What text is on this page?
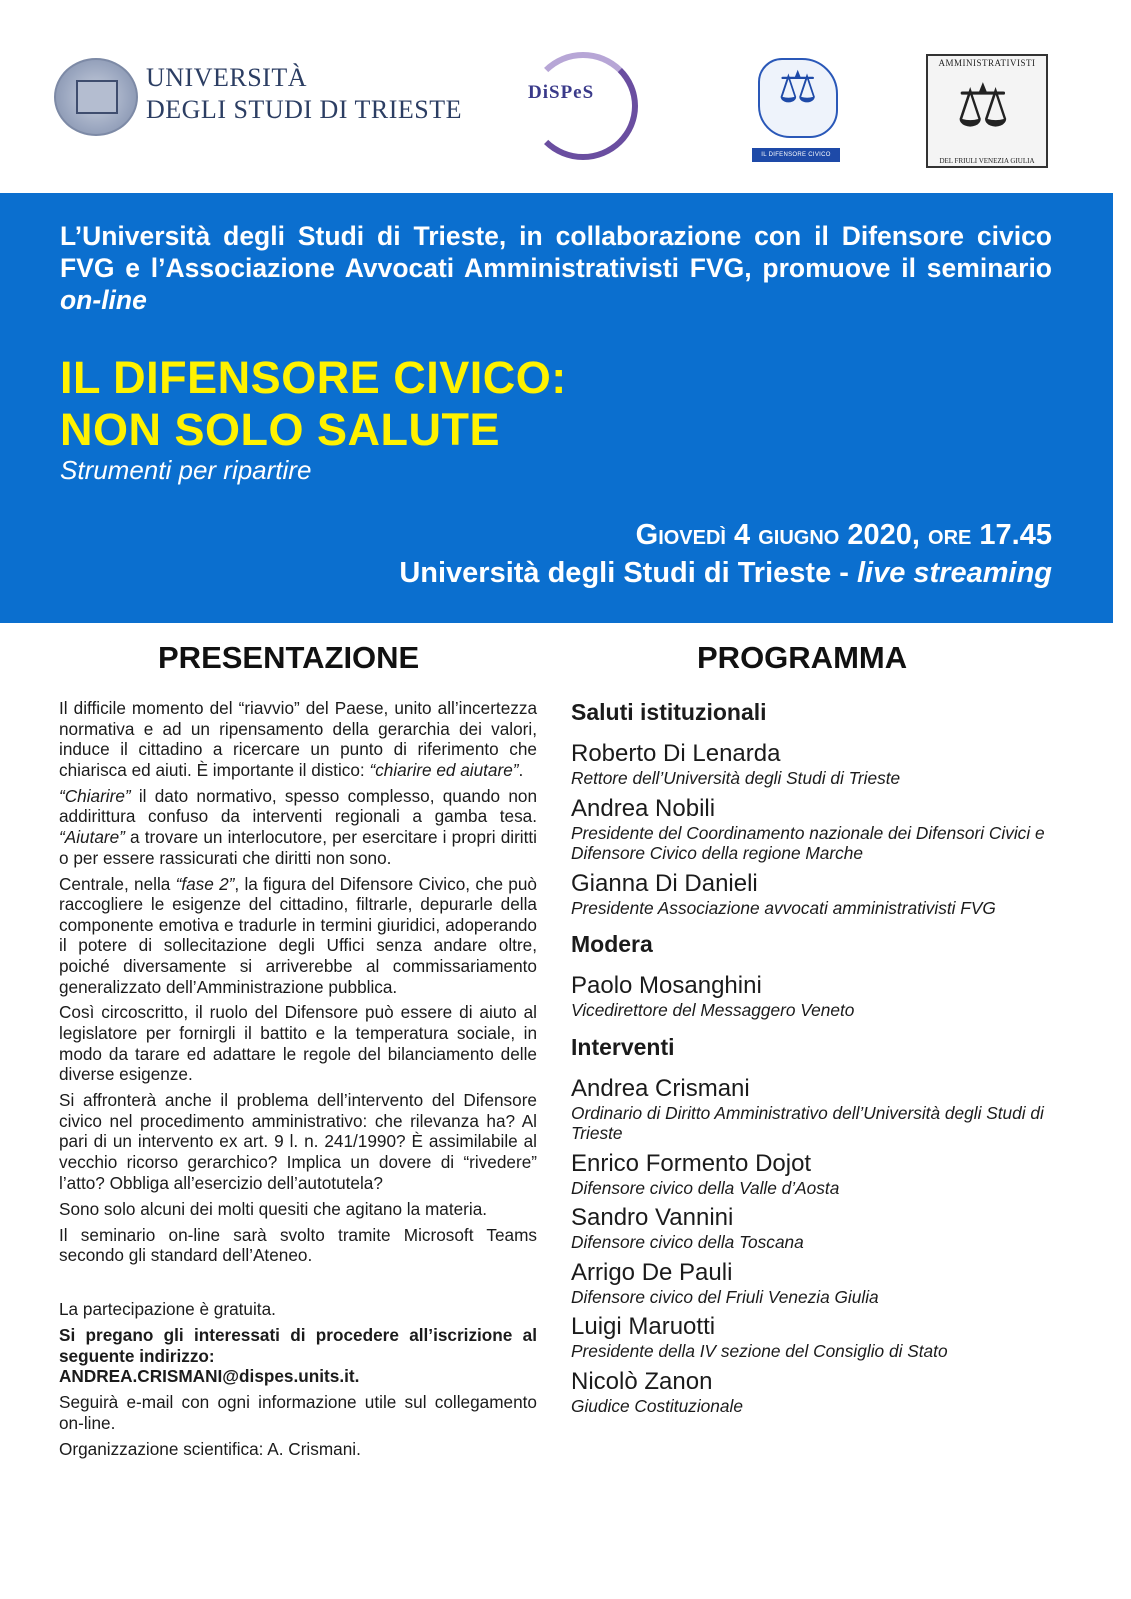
UNIVERSITÀ
DEGLI STUDI DI TRIESTE
DiSPeS	⚖
IL DIFENSORE CIVICO
AMMINISTRATIVISTI
⚖
DEL FRIULI VENEZIA GIULIA
L’Università degli Studi di Trieste, in collaborazione con il Difensore civico FVG e l’Associazione Avvocati Amministrativisti FVG, promuove il seminario on-line
IL DIFENSORE CIVICO:
NON SOLO SALUTE
Strumenti per ripartire
Giovedì 4 giugno 2020, ore 17.45
Università degli Studi di Trieste - live streaming
PRESENTAZIONE	PROGRAMMA

Il difficile momento del “riavvio” del Paese, unito all’incertezza normativa e ad un ripensamento della gerarchia dei valori, induce il cittadino a ricercare un punto di riferimento che chiarisca ed aiuti. È importante il distico: “chiarire ed aiutare”.

“Chiarire” il dato normativo, spesso complesso, quando non addirittura confuso da interventi regionali a gamba tesa. “Aiutare” a trovare un interlocutore, per esercitare i propri diritti o per essere rassicurati che diritti non sono.

Centrale, nella “fase 2”, la figura del Difensore Civico, che può raccogliere le esigenze del cittadino, filtrarle, depurarle della componente emotiva e tradurle in termini giuridici, adoperando il potere di sollecitazione degli Uffici senza andare oltre, poiché diversamente si arriverebbe al commissariamento generalizzato dell’Amministrazione pubblica.

Così circoscritto, il ruolo del Difensore può essere di aiuto al legislatore per fornirgli il battito e la temperatura sociale, in modo da tarare ed adattare le regole del bilanciamento delle diverse esigenze.

Si affronterà anche il problema dell’intervento del Difensore civico nel procedimento amministrativo: che rilevanza ha? Al pari di un intervento ex art. 9 l. n. 241/1990? È assimilabile al vecchio ricorso gerarchico? Implica un dovere di “rivedere” l’atto? Obbliga all’esercizio dell’autotutela?

Sono solo alcuni dei molti quesiti che agitano la materia.

Il seminario on-line sarà svolto tramite Microsoft Teams secondo gli standard dell’Ateneo.

La partecipazione è gratuita.

Si pregano gli interessati di procedere all’iscrizione al seguente indirizzo:
ANDREA.CRISMANI@dispes.units.it.

Seguirà e-mail con ogni informazione utile sul collegamento on-line.

Organizzazione scientifica: A. Crismani.

Saluti istituzionali
Roberto Di Lenarda
Rettore dell’Università degli Studi di Trieste
Andrea Nobili
Presidente del Coordinamento nazionale dei Difensori Civici e Difensore Civico della regione Marche
Gianna Di Danieli
Presidente Associazione avvocati amministrativisti FVG
Modera
Paolo Mosanghini
Vicedirettore del Messaggero Veneto
Interventi
Andrea Crismani
Ordinario di Diritto Amministrativo dell’Università degli Studi di Trieste
Enrico Formento Dojot
Difensore civico della Valle d’Aosta
Sandro Vannini
Difensore civico della Toscana
Arrigo De Pauli
Difensore civico del Friuli Venezia Giulia
Luigi Maruotti
Presidente della IV sezione del Consiglio di Stato
Nicolò Zanon
Giudice Costituzionale
